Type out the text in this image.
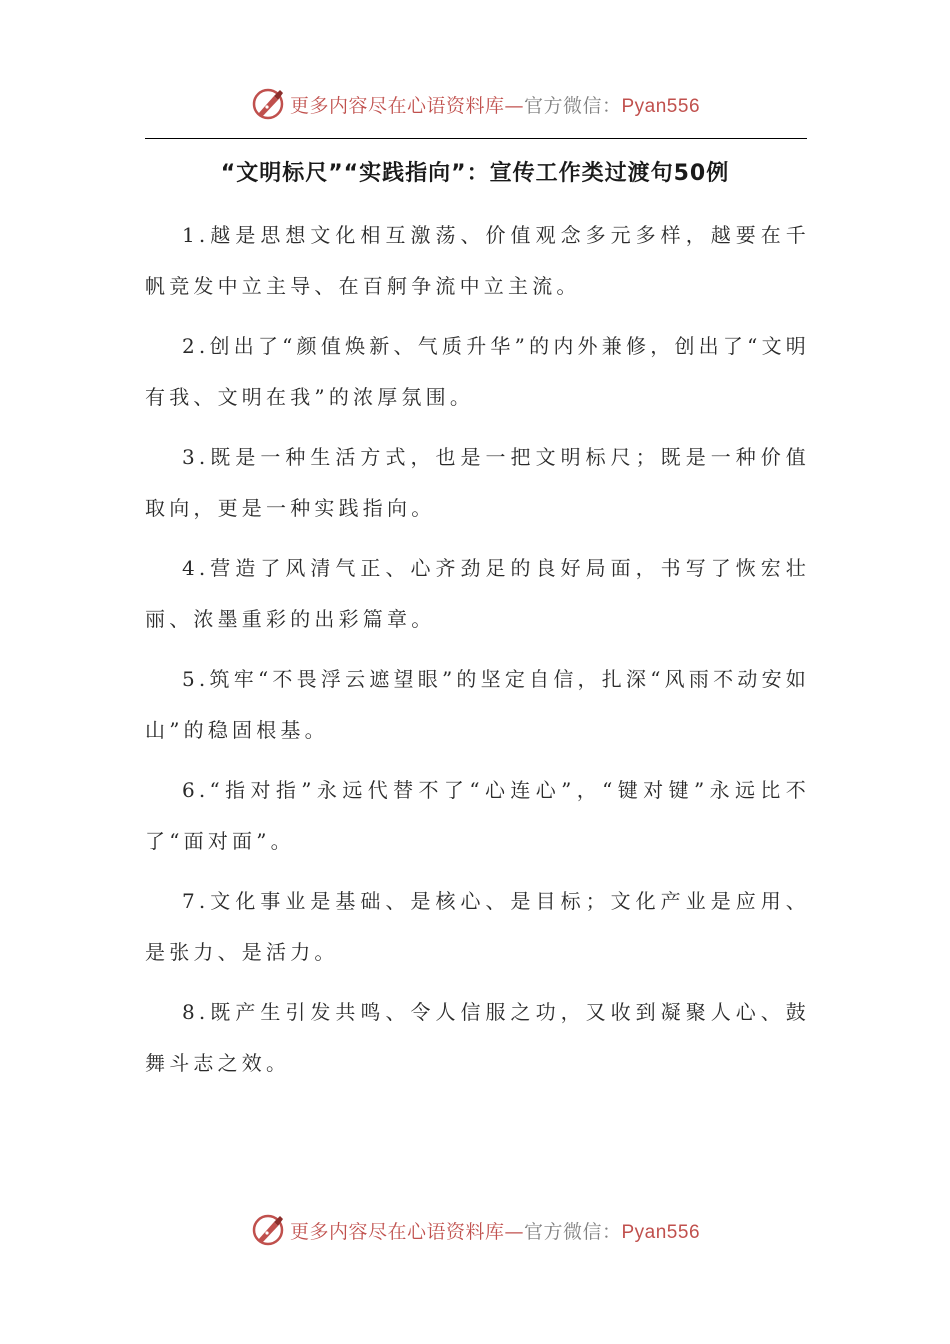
更多内容尽在心语资料库—官方微信：Pyan556
“文明标尺”“实践指向”：宣传工作类过渡句50例

1.越是思想文化相互激荡、价值观念多元多样，越要在千帆竞发中立主导、在百舸争流中立主流。

2.创出了“颜值焕新、气质升华”的内外兼修，创出了“文明有我、文明在我”的浓厚氛围。

3.既是一种生活方式，也是一把文明标尺；既是一种价值取向，更是一种实践指向。

4.营造了风清气正、心齐劲足的良好局面，书写了恢宏壮丽、浓墨重彩的出彩篇章。

5.筑牢“不畏浮云遮望眼”的坚定自信，扎深“风雨不动安如山”的稳固根基。

6.“指对指”永远代替不了“心连心”，“键对键”永远比不了“面对面”。

7.文化事业是基础、是核心、是目标；文化产业是应用、是张力、是活力。

8.既产生引发共鸣、令人信服之功，又收到凝聚人心、鼓舞斗志之效。

更多内容尽在心语资料库—官方微信：Pyan556
